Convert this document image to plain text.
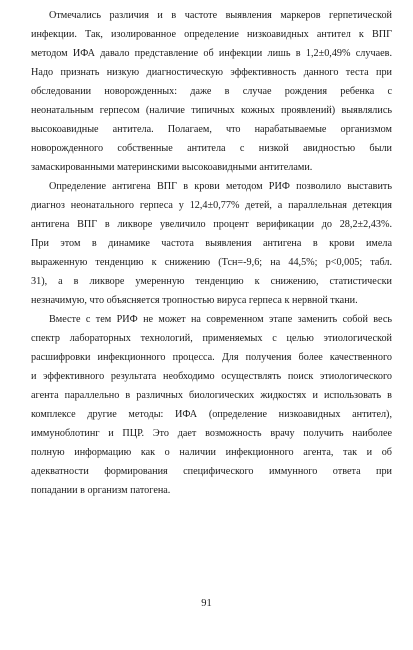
Отмечались различия и в частоте выявления маркеров герпетической
инфекции. Так, изолированное определение низкоавидных антител к ВПГ
методом ИФА давало представление об инфекции лишь в 1,2±0,49% случаев.
Надо признать низкую диагностическую эффективность данного теста при
обследовании новорожденных: даже в случае рождения ребенка с
неонатальным герпесом (наличие типичных кожных проявлений) выявлялись
высокоавидные антитела. Полагаем, что нарабатываемые организмом
новорожденного собственные антитела с низкой авидностью были
замаскированными материнскими высокоавидными антителами.
Определение антигена ВПГ в крови методом РИФ позволило выставить
диагноз неонатального герпеса у 12,4±0,77% детей, а параллельная детекция
антигена ВПГ в ликворе увеличило процент верификации до 28,2±2,43%.
При этом в динамике частота выявления антигена в крови имела
выраженную тенденцию к снижению (Тсн=-9,6; на 44,5%; p<0,005; табл.
31), а в ликворе умеренную тенденцию к снижению, статистически
незначимую, что объясняется тропностью вируса герпеса к нервной ткани.
Вместе с тем РИФ не может на современном этапе заменить собой весь
спектр лабораторных технологий, применяемых с целью этиологической
расшифровки инфекционного процесса. Для получения более качественного
и эффективного результата необходимо осуществлять поиск этиологического
агента параллельно в различных биологических жидкостях и использовать в
комплексе другие методы: ИФА (определение низкоавидных антител),
иммуноблотинг и ПЦР. Это дает возможность врачу получить наиболее
полную информацию как о наличии инфекционного агента, так и об
адекватности формирования специфического иммунного ответа при
попадании в организм патогена.
91
